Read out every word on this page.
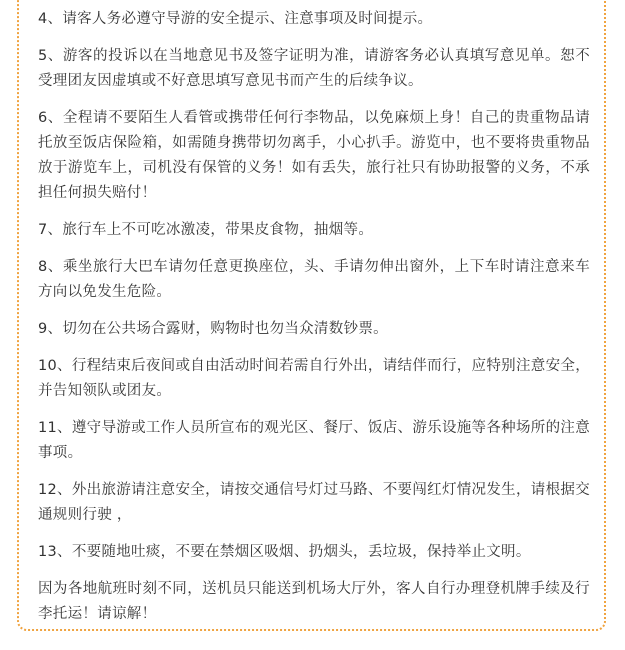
4、请客人务必遵守导游的安全提示、注意事项及时间提示。

5、游客的投诉以在当地意见书及签字证明为准，请游客务必认真填写意见单。恕不受理团友因虚填或不好意思填写意见书而产生的后续争议。

6、全程请不要陌生人看管或携带任何行李物品，以免麻烦上身！自己的贵重物品请托放至饭店保险箱，如需随身携带切勿离手，小心扒手。游览中，也不要将贵重物品放于游览车上，司机没有保管的义务！如有丢失，旅行社只有协助报警的义务，不承担任何损失赔付！

7、旅行车上不可吃冰激凌，带果皮食物，抽烟等。

8、乘坐旅行大巴车请勿任意更换座位，头、手请勿伸出窗外，上下车时请注意来车方向以免发生危险。

9、切勿在公共场合露财，购物时也勿当众清数钞票。

10、行程结束后夜间或自由活动时间若需自行外出，请结伴而行，应特别注意安全，并告知领队或团友。

11、遵守导游或工作人员所宣布的观光区、餐厅、饭店、游乐设施等各种场所的注意事项。

12、外出旅游请注意安全，请按交通信号灯过马路、不要闯红灯情况发生，请根据交通规则行驶 ，

13、不要随地吐痰，不要在禁烟区吸烟、扔烟头，丢垃圾，保持举止文明。

因为各地航班时刻不同，送机员只能送到机场大厅外，客人自行办理登机牌手续及行李托运！请谅解！
